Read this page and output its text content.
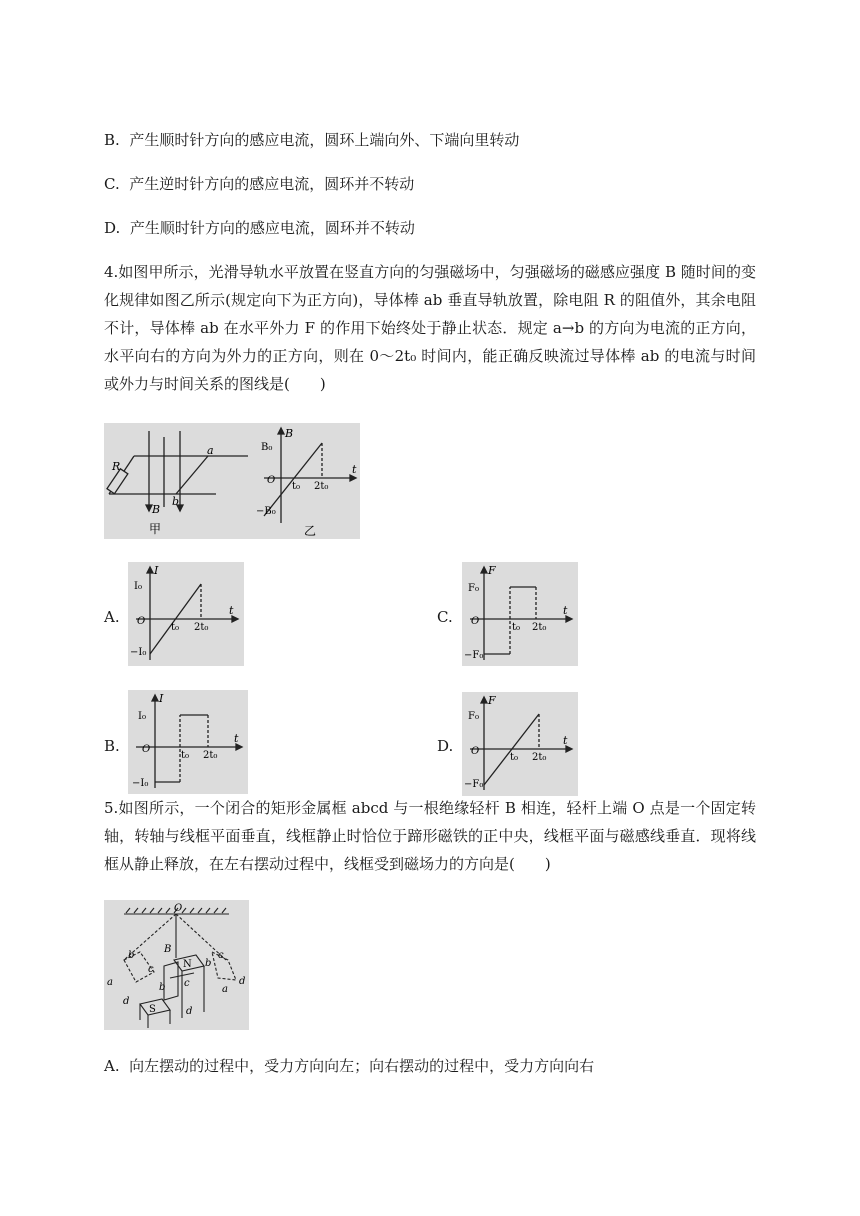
B. 产生顺时针方向的感应电流，圆环上端向外、下端向里转动
C. 产生逆时针方向的感应电流，圆环并不转动
D. 产生顺时针方向的感应电流，圆环并不转动
4.如图甲所示，光滑导轨水平放置在竖直方向的匀强磁场中，匀强磁场的磁感应强度 B 随时间的变化规律如图乙所示(规定向下为正方向)，导体棒 ab 垂直导轨放置，除电阻 R 的阻值外，其余电阻不计，导体棒 ab 在水平外力 F 的作用下始终处于静止状态．规定 a→b 的方向为电流的正方向，水平向右的方向为外力的正方向，则在 0～2t₀ 时间内，能正确反映流过导体棒 ab 的电流与时间或外力与时间关系的图线是(　　)
a
R
b
B
甲
B
t
B₀
−B₀
O
t₀ 2t₀
乙
A.	C.
B.	D.
I
t
I₀
−I₀
O
t₀ 2t₀
F
t
F₀
−F₀
O
t₀ 2t₀
I
t
I₀
−I₀
O
t₀ 2t₀
F
t
F₀
−F₀
O
t₀ 2t₀
5.如图所示，一个闭合的矩形金属框 abcd 与一根绝缘轻杆 B 相连，轻杆上端 O 点是一个固定转轴，转轴与线框平面垂直，线框静止时恰位于蹄形磁铁的正中央，线框平面与磁感线垂直．现将线框从静止释放，在左右摆动过程中，线框受到磁场力的方向是(　　)
O
B
N
S
a
b
c
d
b c
d
c
b
d
a
A. 向左摆动的过程中，受力方向向左；向右摆动的过程中，受力方向向右
